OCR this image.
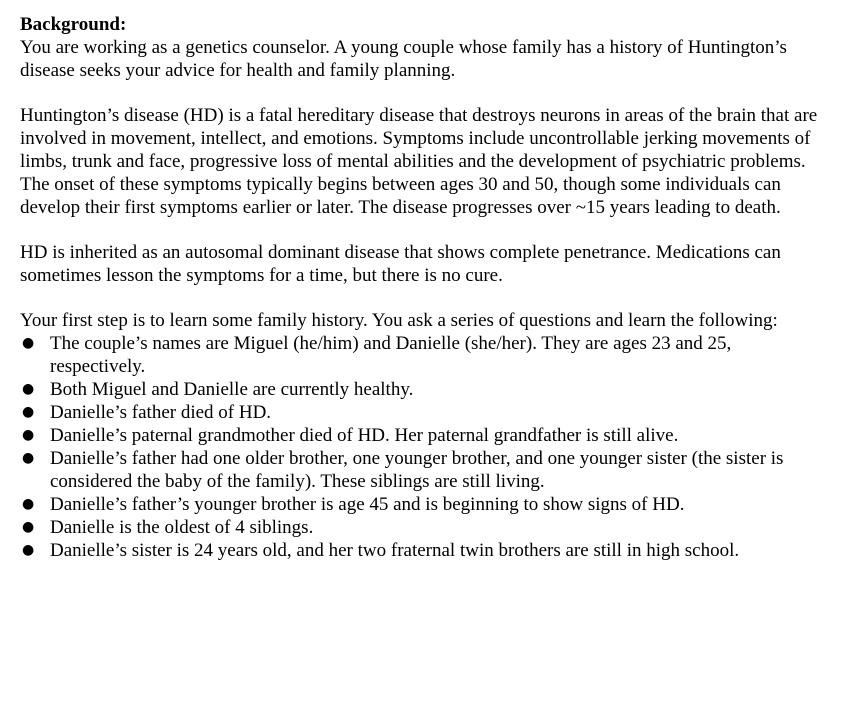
Background:

You are working as a genetics counselor. A young couple whose family has a history of Huntington’s disease seeks your advice for health and family planning.

Huntington’s disease (HD) is a fatal hereditary disease that destroys neurons in areas of the brain that are involved in movement, intellect, and emotions. Symptoms include uncontrollable jerking movements of limbs, trunk and face, progressive loss of mental abilities and the development of psychiatric problems. The onset of these symptoms typically begins between ages 30 and 50, though some individuals can develop their first symptoms earlier or later. The disease progresses over ~15 years leading to death.

HD is inherited as an autosomal dominant disease that shows complete penetrance. Medications can sometimes lesson the symptoms for a time, but there is no cure.

Your first step is to learn some family history. You ask a series of questions and learn the following:

●
The couple’s names are Miguel (he/him) and Danielle (she/her). They are ages 23 and 25, respectively.
●
Both Miguel and Danielle are currently healthy.
●
Danielle’s father died of HD.
●
Danielle’s paternal grandmother died of HD. Her paternal grandfather is still alive.
●
Danielle’s father had one older brother, one younger brother, and one younger sister (the sister is considered the baby of the family). These siblings are still living.
●
Danielle’s father’s younger brother is age 45 and is beginning to show signs of HD.
●
Danielle is the oldest of 4 siblings.
●
Danielle’s sister is 24 years old, and her two fraternal twin brothers are still in high school.
